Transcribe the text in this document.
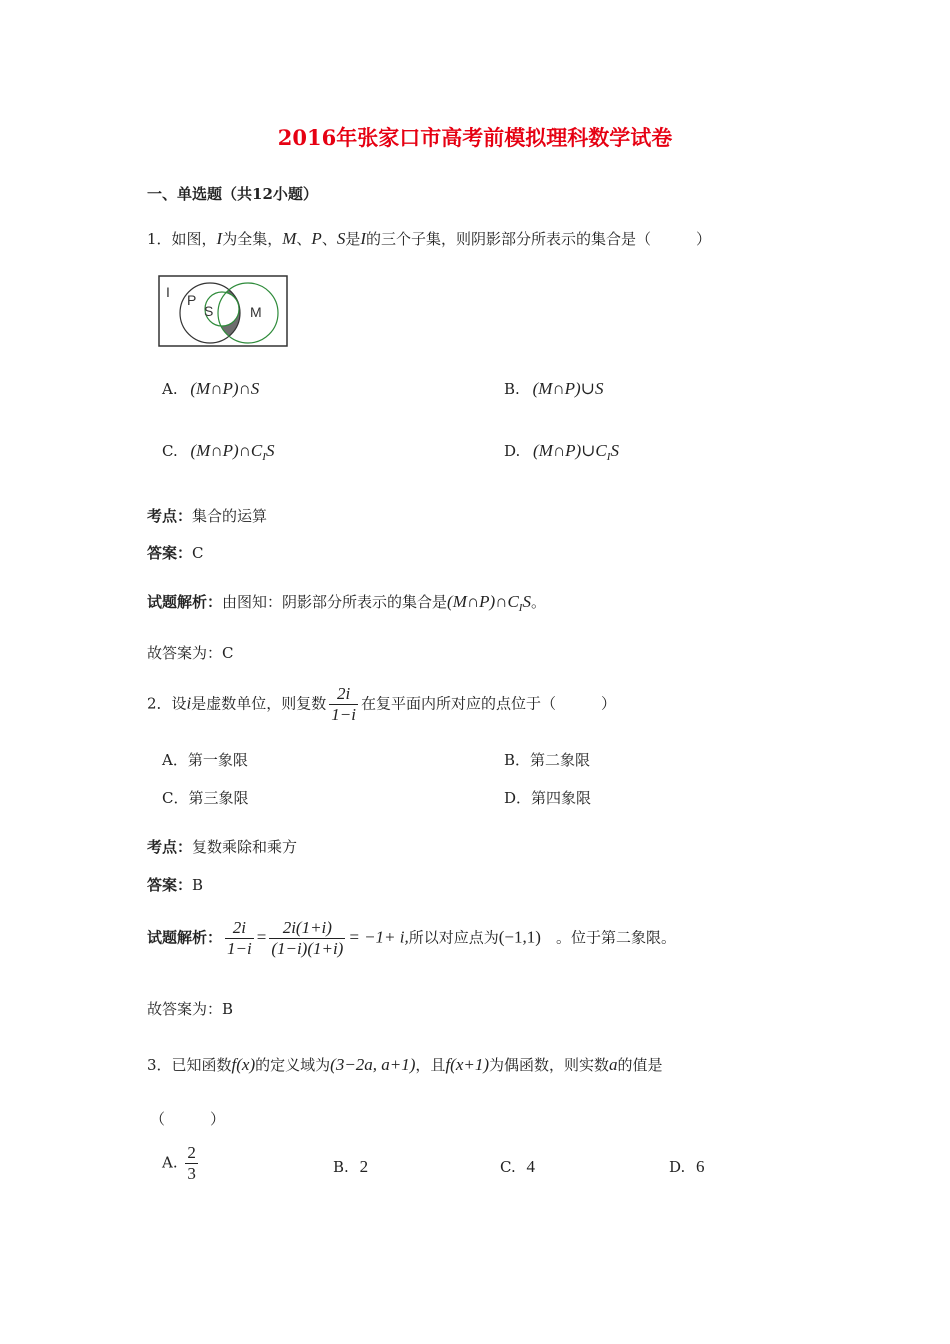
2016年张家口市高考前模拟理科数学试卷
一、单选题（共12小题）
1．如图，I为全集，M、P、S是I的三个子集，则阴影部分所表示的集合是（　　　）
I P
S	M
A. (M∩P)∩S	B. (M∩P)∪S
C. $(M\cap P)\cap C_IS$	D. $(M\cap P)\cup C_IS$
考点：集合的运算
答案：C
试题解析：由图知：阴影部分所表示的集合是$(M\cap P)\cap C_IS$。
故答案为：C
2．设i是虚数单位，则复数 $\frac{2i}{1-i}$ 在复平面内所对应的点位于（　　　）
A．第一象限	B．第二象限
C．第三象限	D．第四象限
考点：复数乘除和乘方
答案：B
试题解析： $\frac{2i}{1-i} = \frac{2i(1+i)}{(1-i)(1+i)} = -1+ i$,所以对应点为(−1,1)　。位于第二象限。
故答案为：B
3．已知函数f(x)的定义域为(3−2a, a+1)，且f(x+1)为偶函数，则实数a的值是
（　　　）
A. $\frac{2}{3}$	B. 2	C. 4	D. 6
